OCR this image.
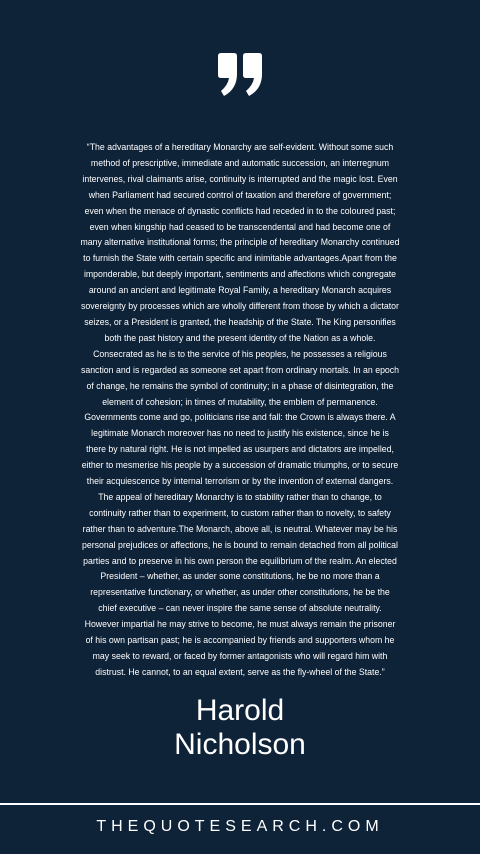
“The advantages of a hereditary Monarchy are self-evident. Without some such method of prescriptive, immediate and automatic succession, an interregnum intervenes, rival claimants arise, continuity is interrupted and the magic lost. Even when Parliament had secured control of taxation and therefore of government; even when the menace of dynastic conflicts had receded in to the coloured past; even when kingship had ceased to be transcendental and had become one of many alternative institutional forms; the principle of hereditary Monarchy continued to furnish the State with certain specific and inimitable advantages.Apart from the imponderable, but deeply important, sentiments and affections which congregate around an ancient and legitimate Royal Family, a hereditary Monarch acquires sovereignty by processes which are wholly different from those by which a dictator seizes, or a President is granted, the headship of the State. The King personifies both the past history and the present identity of the Nation as a whole. Consecrated as he is to the service of his peoples, he possesses a religious sanction and is regarded as someone set apart from ordinary mortals. In an epoch of change, he remains the symbol of continuity; in a phase of disintegration, the element of cohesion; in times of mutability, the emblem of permanence. Governments come and go, politicians rise and fall: the Crown is always there. A legitimate Monarch moreover has no need to justify his existence, since he is there by natural right. He is not impelled as usurpers and dictators are impelled, either to mesmerise his people by a succession of dramatic triumphs, or to secure their acquiescence by internal terrorism or by the invention of external dangers. The appeal of hereditary Monarchy is to stability rather than to change, to continuity rather than to experiment, to custom rather than to novelty, to safety rather than to adventure.The Monarch, above all, is neutral. Whatever may be his personal prejudices or affections, he is bound to remain detached from all political parties and to preserve in his own person the equilibrium of the realm. An elected President – whether, as under some constitutions, he be no more than a representative functionary, or whether, as under other constitutions, he be the chief executive – can never inspire the same sense of absolute neutrality. However impartial he may strive to become, he must always remain the prisoner of his own partisan past; he is accompanied by friends and supporters whom he may seek to reward, or faced by former antagonists who will regard him with distrust. He cannot, to an equal extent, serve as the fly-wheel of the State.”

Harold
Nicholson
THEQUOTESEARCH.COM
